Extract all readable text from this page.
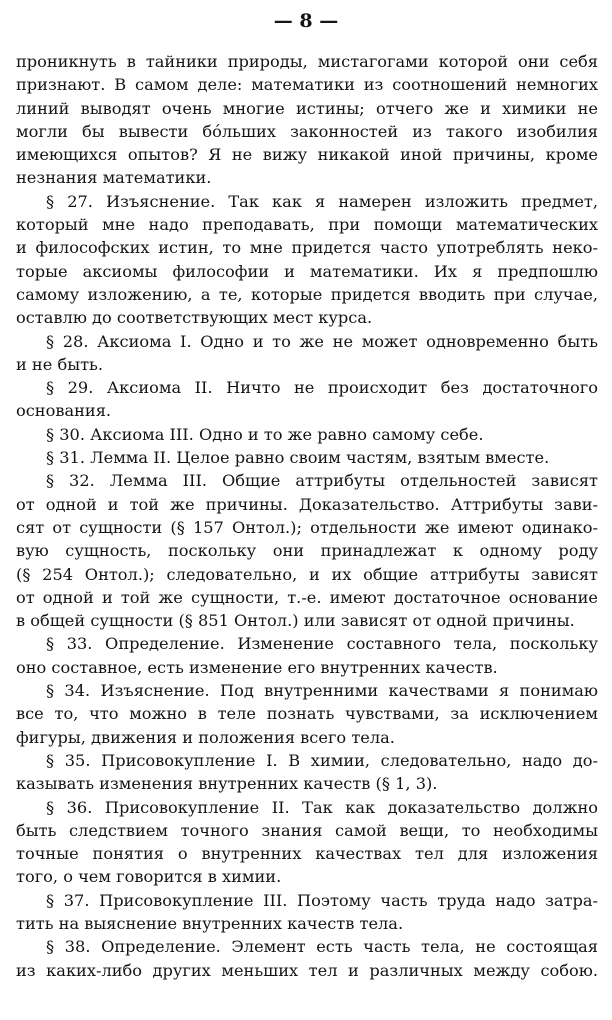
— 8 —
проникнуть в тайники природы, мистагогами которой они себя
признают. В самом деле: математики из соотношений немногих
линий выводят очень многие истины; отчего же и химики не
могли бы вывести бо́льших законностей из такого изобилия
имеющихся опытов? Я не вижу никакой иной причины, кроме
незнания математики.
§ 27. Изъяснение. Так как я намерен изложить предмет,
который мне надо преподавать, при помощи математических
и философских истин, то мне придется часто употреблять неко-
торые аксиомы философии и математики. Их я предпошлю
самому изложению, а те, которые придется вводить при случае,
оставлю до соответствующих мест курса.
§ 28. Аксиома I. Одно и то же не может одновременно быть
и не быть.
§ 29. Аксиома II. Ничто не происходит без достаточного
основания.
§ 30. Аксиома III. Одно и то же равно самому себе.
§ 31. Лемма II. Целое равно своим частям, взятым вместе.
§ 32. Лемма III. Общие аттрибуты отдельностей зависят
от одной и той же причины. Доказательство. Аттрибуты зави-
сят от сущности (§ 157 Онтол.); отдельности же имеют одинако-
вую сущность, поскольку они принадлежат к одному роду
(§ 254 Онтол.); следовательно, и их общие аттрибуты зависят
от одной и той же сущности, т.-е. имеют достаточное основание
в общей сущности (§ 851 Онтол.) или зависят от одной причины.
§ 33. Определение. Изменение составного тела, поскольку
оно составное, есть изменение его внутренних качеств.
§ 34. Изъяснение. Под внутренними качествами я понимаю
все то, что можно в теле познать чувствами, за исключением
фигуры, движения и положения всего тела.
§ 35. Присовокупление I. В химии, следовательно, надо до-
казывать изменения внутренних качеств (§ 1, 3).
§ 36. Присовокупление II. Так как доказательство должно
быть следствием точного знания самой вещи, то необходимы
точные понятия о внутренних качествах тел для изложения
того, о чем говорится в химии.
§ 37. Присовокупление III. Поэтому часть труда надо затра-
тить на выяснение внутренних качеств тела.
§ 38. Определение. Элемент есть часть тела, не состоящая
из каких-либо других меньших тел и различных между собою.
